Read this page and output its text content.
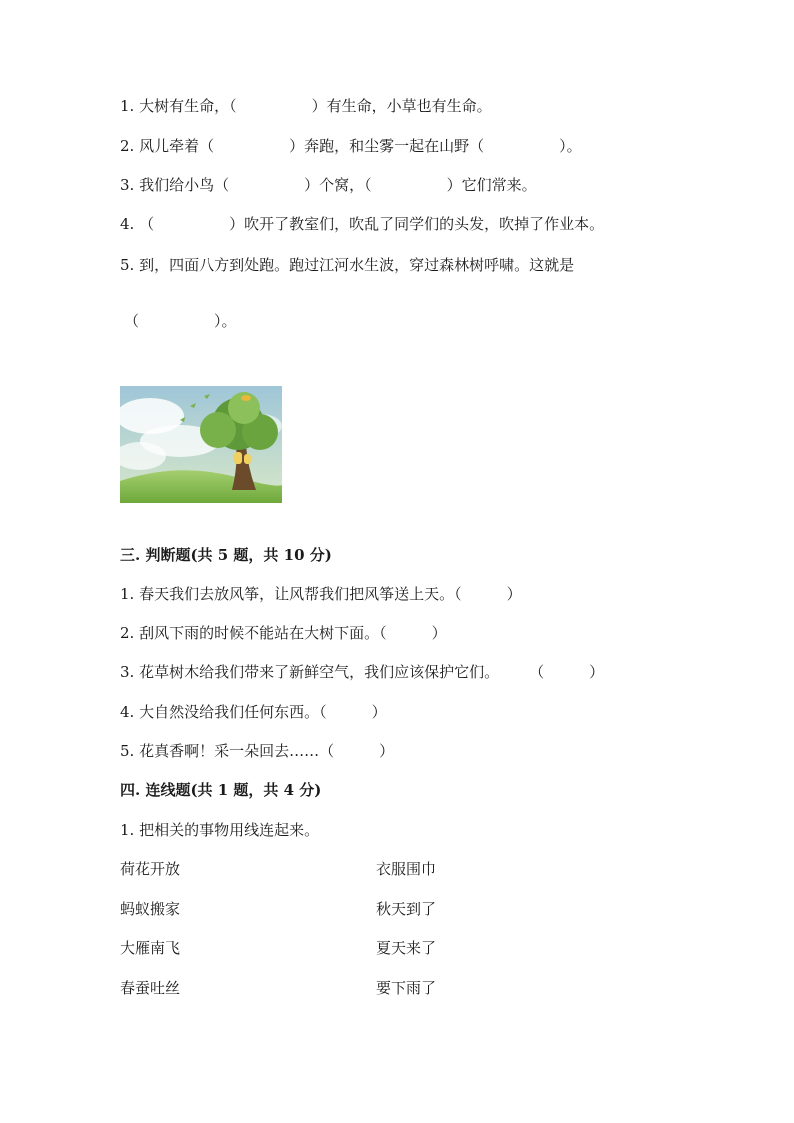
1. 大树有生命，（　　　　　）有生命，小草也有生命。
2. 风儿牵着（　　　　　）奔跑，和尘雾一起在山野（　　　　　）。
3. 我们给小鸟（　　　　　）个窝，（　　　　　）它们常来。
4. （　　　　　）吹开了教室们，吹乱了同学们的头发，吹掉了作业本。
5. 到，四面八方到处跑。跑过江河水生波，穿过森林树呼啸。这就是
（　　　　　）。
三. 判断题(共 5 题，共 10 分)
1. 春天我们去放风筝，让风帮我们把风筝送上天。（　　　）
2. 刮风下雨的时候不能站在大树下面。（　　　）
3. 花草树木给我们带来了新鲜空气，我们应该保护它们。　　　（　　　）
4. 大自然没给我们任何东西。（　　　）
5. 花真香啊！采一朵回去……（　　　）
四. 连线题(共 1 题，共 4 分)
1. 把相关的事物用线连起来。
荷花开放
蚂蚁搬家
大雁南飞
春蚕吐丝
衣服围巾
秋天到了
夏天来了
要下雨了
